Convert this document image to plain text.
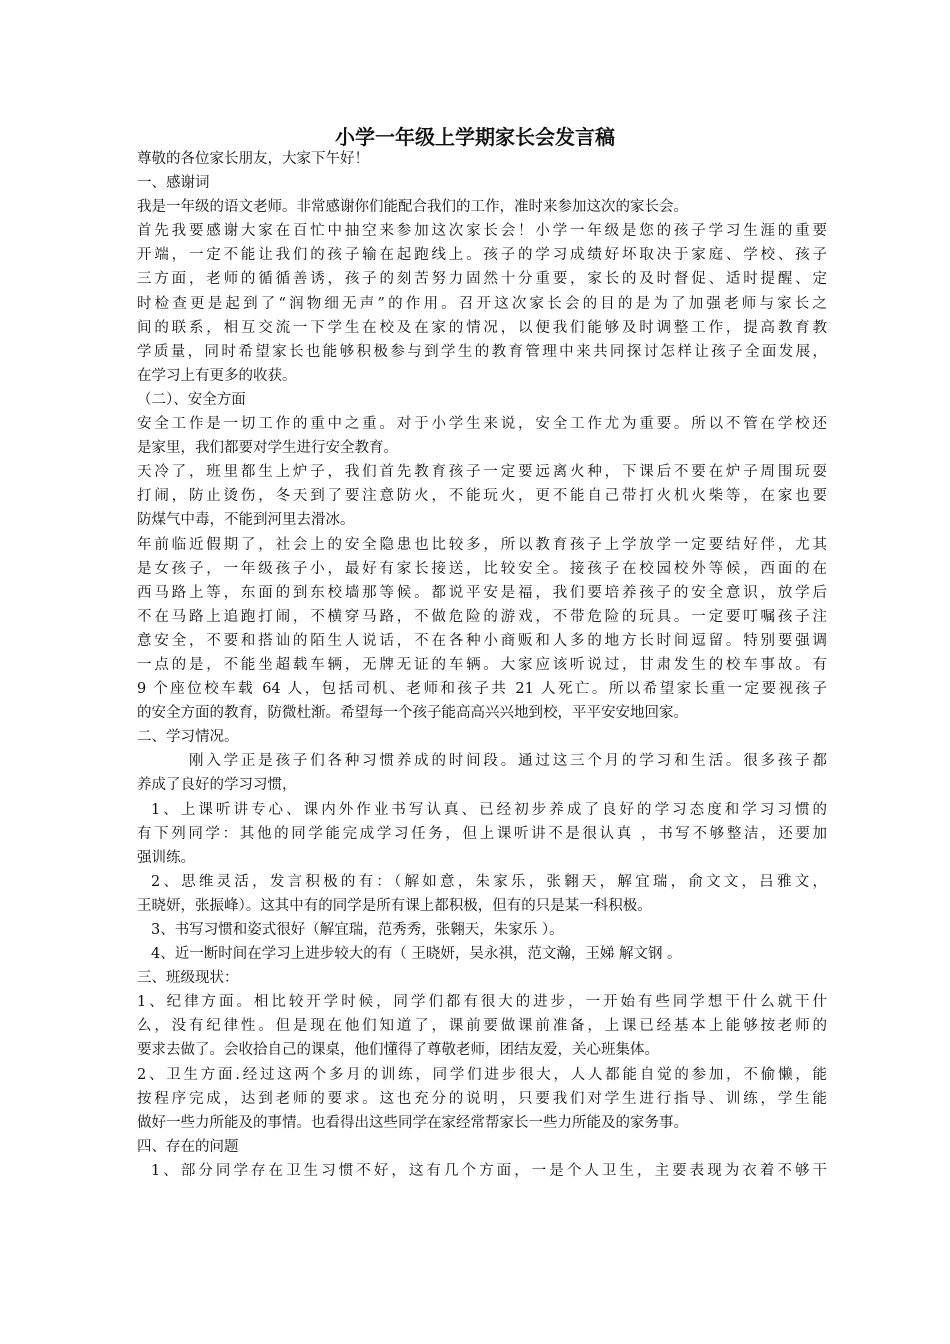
小学一年级上学期家长会发言稿
尊敬的各位家长朋友，大家下午好！
一、感谢词
我是一年级的语文老师。非常感谢你们能配合我们的工作，准时来参加这次的家长会。
首先我要感谢大家在百忙中抽空来参加这次家长会！小学一年级是您的孩子学习生涯的重要
开端，一定不能让我们的孩子输在起跑线上。孩子的学习成绩好坏取决于家庭、学校、孩子
三方面，老师的循循善诱，孩子的刻苦努力固然十分重要，家长的及时督促、适时提醒、定
时检查更是起到了“润物细无声”的作用。召开这次家长会的目的是为了加强老师与家长之
间的联系，相互交流一下学生在校及在家的情况，以便我们能够及时调整工作，提高教育教
学质量，同时希望家长也能够积极参与到学生的教育管理中来共同探讨怎样让孩子全面发展，
在学习上有更多的收获。
（二）、安全方面
安全工作是一切工作的重中之重。对于小学生来说，安全工作尤为重要。所以不管在学校还
是家里，我们都要对学生进行安全教育。
天冷了，班里都生上炉子，我们首先教育孩子一定要远离火种，下课后不要在炉子周围玩耍
打闹，防止烫伤，冬天到了要注意防火，不能玩火，更不能自己带打火机火柴等，在家也要
防煤气中毒，不能到河里去滑冰。
年前临近假期了，社会上的安全隐患也比较多，所以教育孩子上学放学一定要结好伴，尤其
是女孩子，一年级孩子小，最好有家长接送，比较安全。接孩子在校园校外等候，西面的在
西马路上等，东面的到东校墙那等候。都说平安是福，我们要培养孩子的安全意识，放学后
不在马路上追跑打闹，不横穿马路，不做危险的游戏，不带危险的玩具。一定要叮嘱孩子注
意安全，不要和搭讪的陌生人说话，不在各种小商贩和人多的地方长时间逗留。特别要强调
一点的是，不能坐超载车辆，无牌无证的车辆。大家应该听说过，甘肃发生的校车事故。有
9 个座位校车载 64 人，包括司机、老师和孩子共 21 人死亡。所以希望家长重一定要视孩子
的安全方面的教育，防微杜渐。希望每一个孩子能高高兴兴地到校，平平安安地回家。
二、学习情况。
刚入学正是孩子们各种习惯养成的时间段。通过这三个月的学习和生活。很多孩子都
养成了良好的学习习惯，
1、上课听讲专心、课内外作业书写认真、已经初步养成了良好的学习态度和学习习惯的
有下列同学：其他的同学能完成学习任务，但上课听讲不是很认真 ，书写不够整洁，还要加
强训练。
2、思维灵活，发言积极的有：（解如意，朱家乐，张翱天，解宜瑞，俞文文，吕雅文，
王晓妍，张振峰）。这其中有的同学是所有课上都积极，但有的只是某一科积极。
3、书写习惯和姿式很好（解宜瑞，范秀秀，张翱天，朱家乐 ）。
4、近一断时间在学习上进步较大的有（ 王晓妍，吴永祺，范文瀚，王娣 解文钢 。
三、班级现状：
1、纪律方面。相比较开学时候，同学们都有很大的进步，一开始有些同学想干什么就干什
么，没有纪律性。但是现在他们知道了，课前要做课前准备，上课已经基本上能够按老师的
要求去做了。会收拾自己的课桌，他们懂得了尊敬老师，团结友爱，关心班集体。
2、卫生方面.经过这两个多月的训练，同学们进步很大，人人都能自觉的参加，不偷懒，能
按程序完成，达到老师的要求。这也充分的说明，只要我们对学生进行指导、训练，学生能
做好一些力所能及的事情。也看得出这些同学在家经常帮家长一些力所能及的家务事。
四、存在的问题
1、部分同学存在卫生习惯不好，这有几个方面，一是个人卫生，主要表现为衣着不够干
